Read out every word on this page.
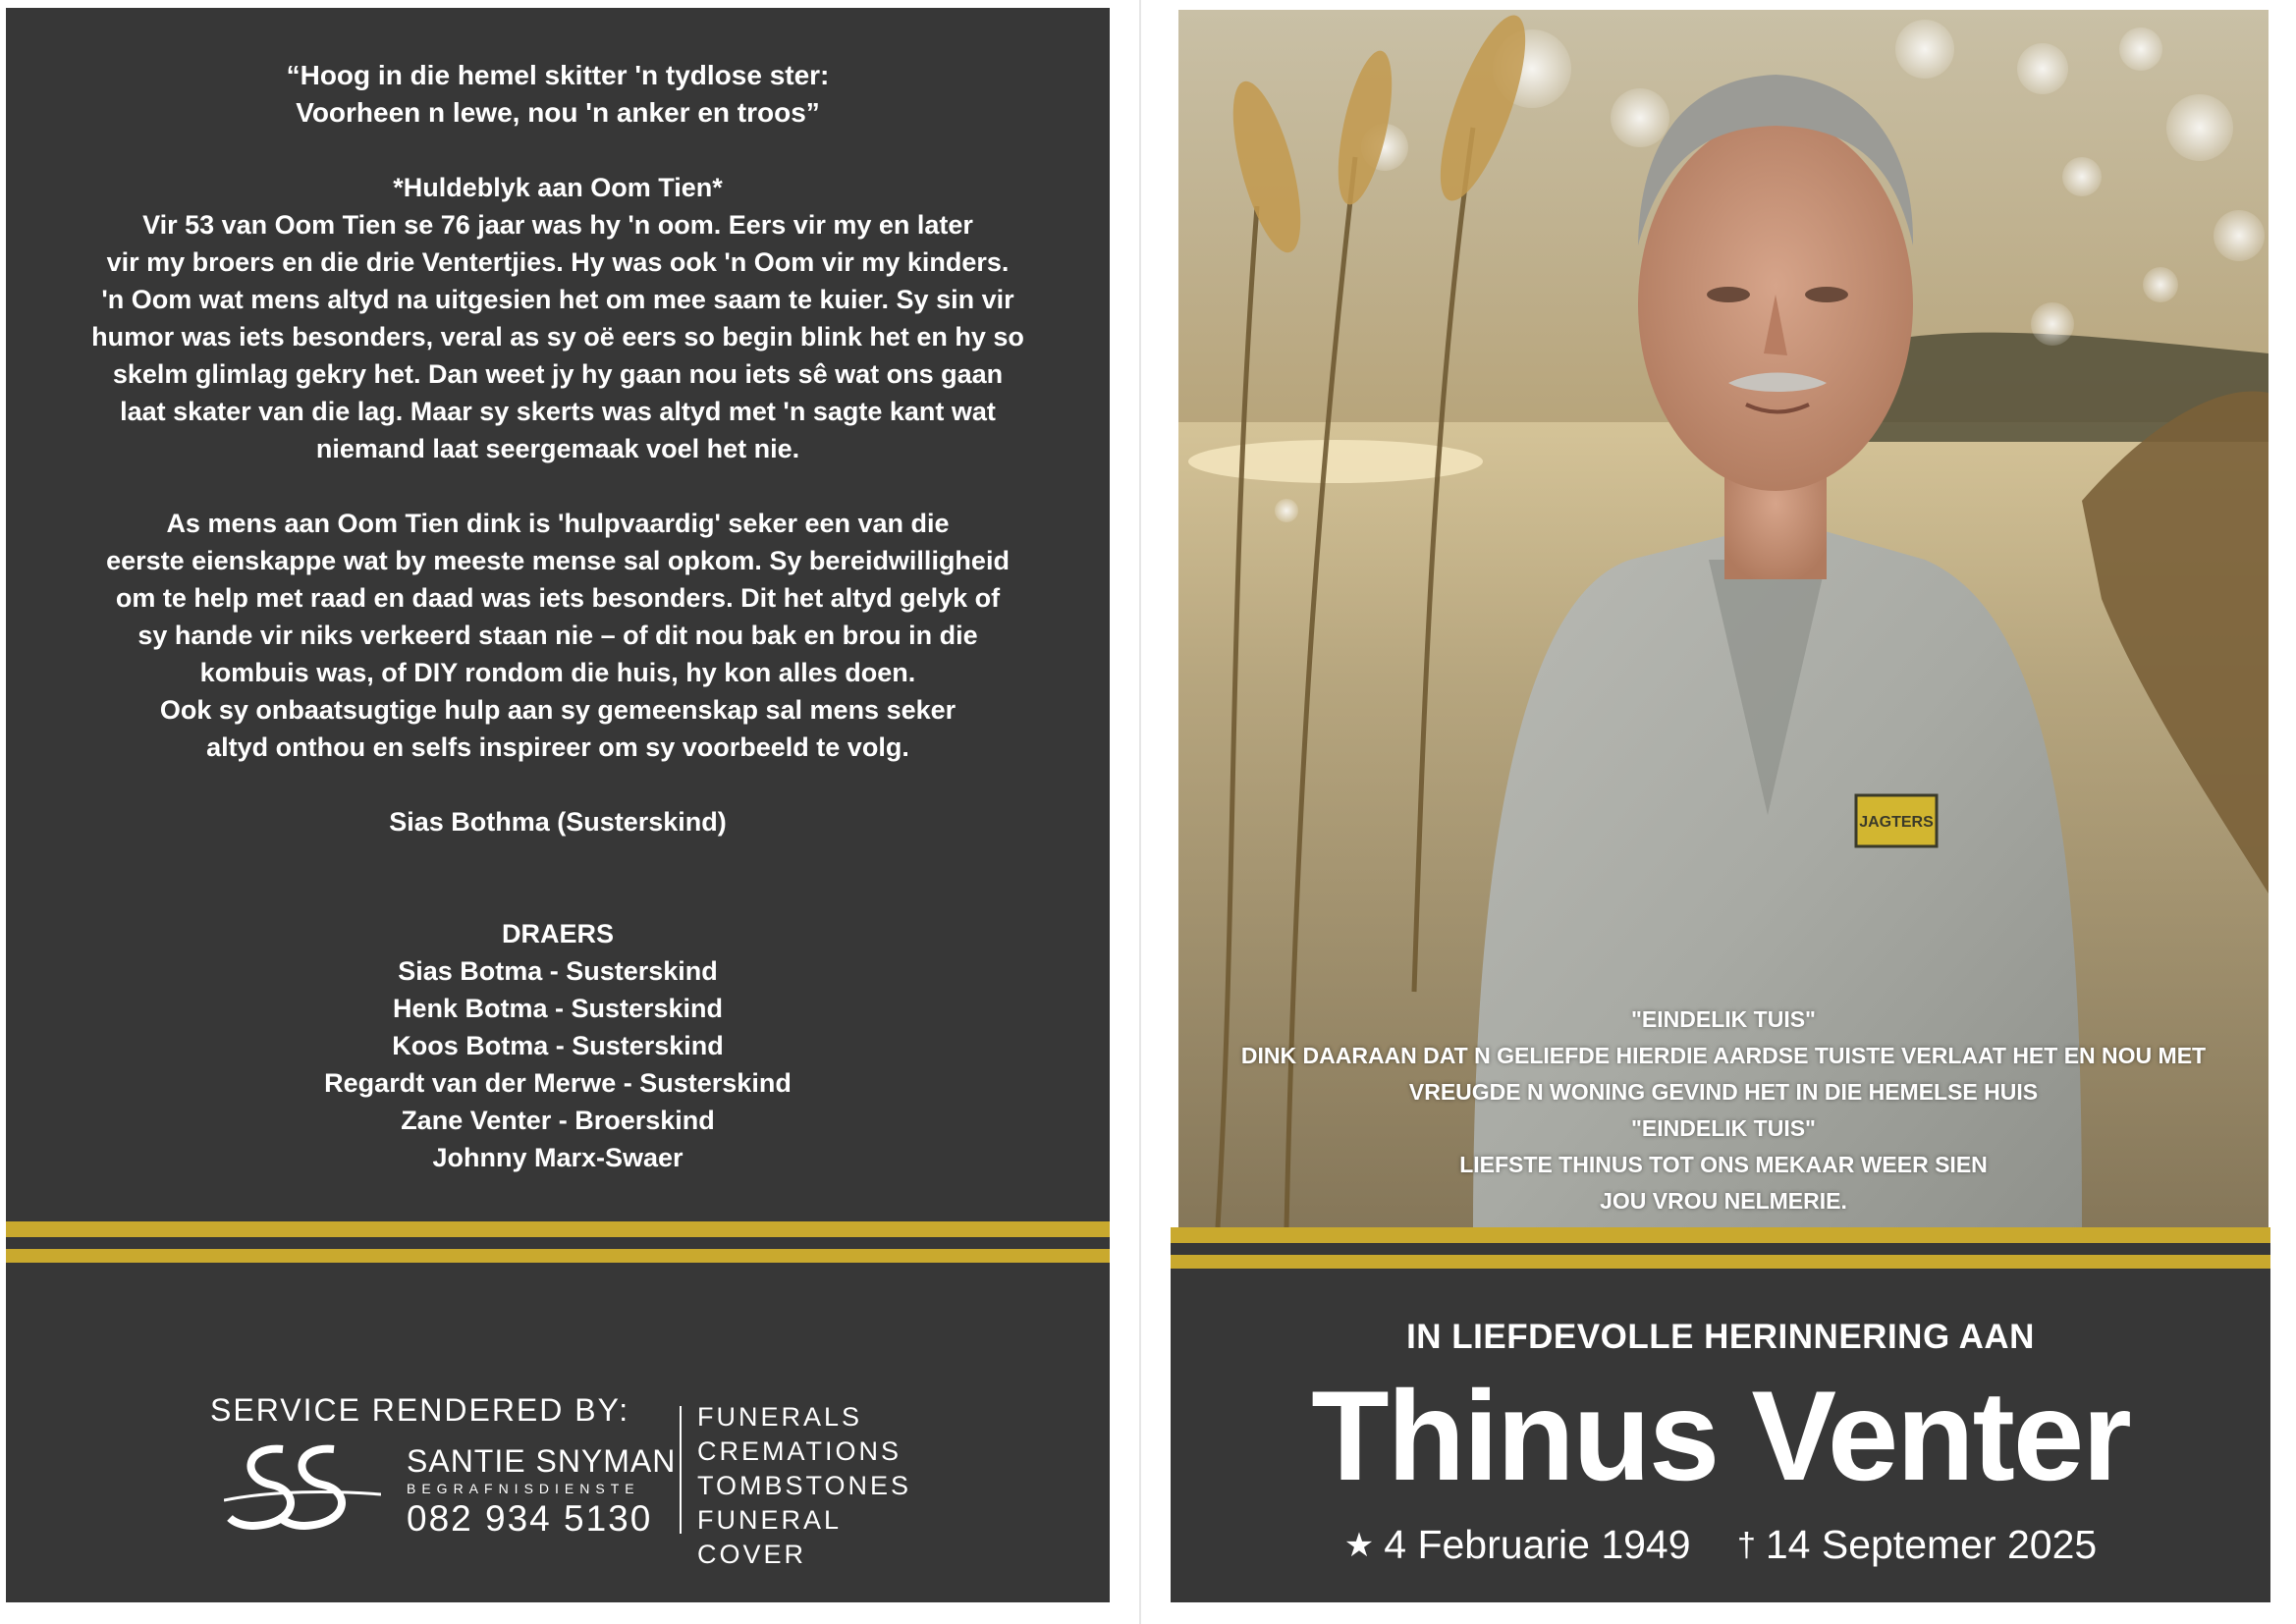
“Hoog in die hemel skitter 'n tydlose ster:

Voorheen n lewe, nou 'n anker en troos”

*Huldeblyk aan Oom Tien*

Vir 53 van Oom Tien se 76 jaar was hy 'n oom. Eers vir my en later

vir my broers en die drie Ventertjies. Hy was ook 'n Oom vir my kinders.

'n Oom wat mens altyd na uitgesien het om mee saam te kuier. Sy sin vir

humor was iets besonders, veral as sy oë eers so begin blink het en hy so

skelm glimlag gekry het. Dan weet jy hy gaan nou iets sê wat ons gaan

laat skater van die lag. Maar sy skerts was altyd met 'n sagte kant wat

niemand laat seergemaak voel het nie.

As mens aan Oom Tien dink is 'hulpvaardig' seker een van die

eerste eienskappe wat by meeste mense sal opkom. Sy bereidwilligheid

om te help met raad en daad was iets besonders. Dit het altyd gelyk of

sy hande vir niks verkeerd staan nie – of dit nou bak en brou in die

kombuis was, of DIY rondom die huis, hy kon alles doen.

Ook sy onbaatsugtige hulp aan sy gemeenskap sal mens seker

altyd onthou en selfs inspireer om sy voorbeeld te volg.

Sias Bothma (Susterskind)

DRAERS

Sias Botma - Susterskind

Henk Botma - Susterskind

Koos Botma - Susterskind

Regardt van der Merwe - Susterskind

Zane Venter - Broerskind

Johnny Marx-Swaer

SERVICE RENDERED BY:
SANTIE SNYMAN
BEGRAFNISDIENSTE
082 934 5130
FUNERALS
CREMATIONS
TOMBSTONES
FUNERAL COVER
JAGTERS
"EINDELIK TUIS"
DINK DAARAAN DAT N GELIEFDE HIERDIE AARDSE TUISTE VERLAAT HET EN NOU MET
VREUGDE N WONING GEVIND HET IN DIE HEMELSE HUIS
"EINDELIK TUIS"
LIEFSTE THINUS TOT ONS MEKAAR WEER SIEN
JOU VROU NELMERIE.
IN LIEFDEVOLLE HERINNERING AAN
Thinus Venter
★ 4 Februarie 1949 † 14 Septemer 2025
